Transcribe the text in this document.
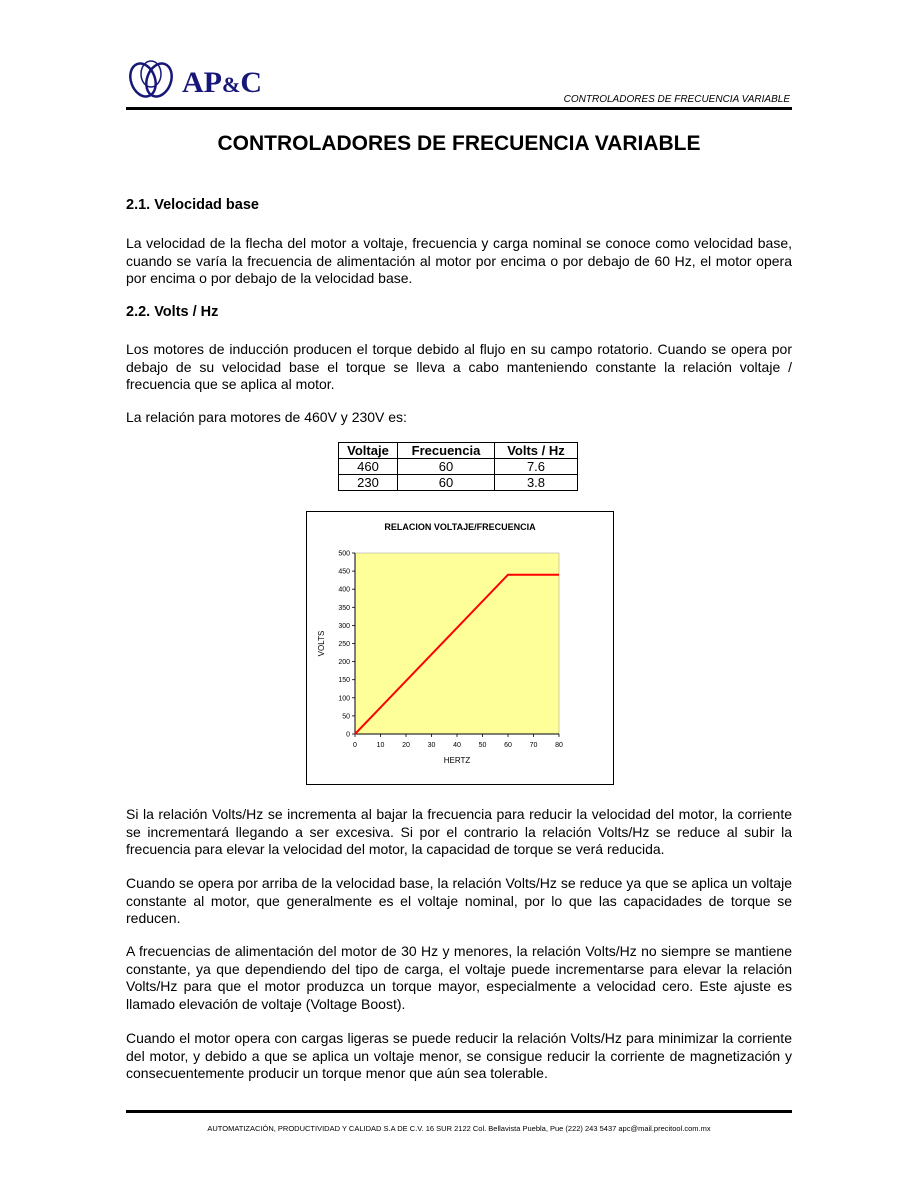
AP&C
CONTROLADORES DE FRECUENCIA VARIABLE
CONTROLADORES DE FRECUENCIA VARIABLE
2.1. Velocidad base
La velocidad de la flecha del motor a voltaje, frecuencia y carga nominal se conoce como velocidad base, cuando se varía la frecuencia de alimentación al motor por encima o por debajo de 60 Hz, el motor opera por encima o por debajo de la velocidad base.
2.2. Volts / Hz
Los motores de inducción producen el torque debido al flujo en su campo rotatorio. Cuando se opera por debajo de su velocidad base el torque se lleva a cabo manteniendo constante la relación voltaje / frecuencia que se aplica al motor.
La relación para motores de 460V y 230V es:
Voltaje	Frecuencia	Volts / Hz
460	60	7.6
230	60	3.8
RELACION VOLTAJE/FRECUENCIA
0
50
100
150
200
250
300
350
400
450
500
0	10	20	30	40	50	60	70	80
HERTZ
VOLTS
Si la relación Volts/Hz se incrementa al bajar la frecuencia para reducir la velocidad del motor, la corriente se incrementará llegando a ser excesiva. Si por el contrario la relación Volts/Hz se reduce al subir la frecuencia para elevar la velocidad del motor, la capacidad de torque se verá reducida.
Cuando se opera por arriba de la velocidad base, la relación Volts/Hz se reduce ya que se aplica un voltaje constante al motor, que generalmente es el voltaje nominal, por lo que las capacidades de torque se reducen.
A frecuencias de alimentación del motor de 30 Hz y menores, la relación Volts/Hz no siempre se mantiene constante, ya que dependiendo del tipo de carga, el voltaje puede incrementarse para elevar la relación Volts/Hz para que el motor produzca un torque mayor, especialmente a velocidad cero. Este ajuste es llamado elevación de voltaje (Voltage Boost).
Cuando el motor opera con cargas ligeras se puede reducir la relación Volts/Hz para minimizar la corriente del motor, y debido a que se aplica un voltaje menor, se consigue reducir la corriente de magnetización y consecuentemente producir un torque menor que aún sea tolerable.
AUTOMATIZACIÓN, PRODUCTIVIDAD Y CALIDAD S.A DE C.V. 16 SUR 2122 Col. Bellavista Puebla, Pue (222) 243 5437 apc@mail.precitool.com.mx
